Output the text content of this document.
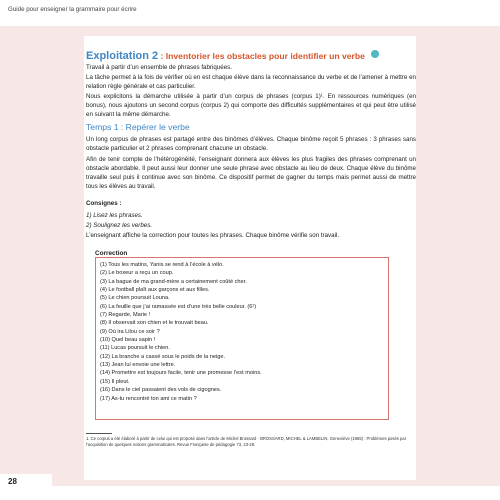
Guide pour enseigner la grammaire pour écrire
28
Exploitation 2 : Inventorier les obstacles pour identifier un verbe
Travail à partir d’un ensemble de phrases fabriquées.
La tâche permet à la fois de vérifier où en est chaque élève dans la reconnaissance du verbe et de l’amener à mettre en relation règle générale et cas particulier.
Nous explicitons la démarche utilisée à partir d’un corpus de phrases (corpus 1)¹. En ressources numériques (en bonus), nous ajoutons un second corpus (corpus 2) qui comporte des difficultés supplémentaires et qui peut être utilisé en suivant la même démarche.
Temps 1 : Repérer le verbe
Un long corpus de phrases est partagé entre des binômes d’élèves. Chaque binôme reçoit 5 phrases : 3 phrases sans obstacle particulier et 2 phrases comprenant chacune un obstacle.
Afin de tenir compte de l’hétérogénéité, l’enseignant donnera aux élèves les plus fragiles des phrases comprenant un obstacle abordable. Il peut aussi leur donner une seule phrase avec obstacle au lieu de deux. Chaque élève du binôme travaille seul puis il continue avec son binôme. Ce dispositif permet de gagner du temps mais permet aussi de mettre tous les élèves au travail.
Consignes :
1) Lisez les phrases.
2) Soulignez les verbes.
L’enseignant affiche la correction pour toutes les phrases. Chaque binôme vérifie son travail.
Correction
(1) Tous les matins, Yanis se rend à l’école à vélo.
(2) Le boxeur a reçu un coup.
(3) La bague de ma grand-mère a certainement coûté cher.
(4) Le football plaît aux garçons et aux filles.
(5) Le chien poursuit Louna.
(6) La feuille que j’ai ramassée est d’une très belle couleur. (6¹)
(7) Regarde, Marie !
(8) Il observait son chien et le trouvait beau.
(9) Où ira Lilou ce soir ?
(10) Quel beau sapin !
(11) Lucas poursuit le chien.
(12) La branche a cassé sous le poids de la neige.
(13) Jean lui envoie une lettre.
(14) Promettre est toujours facile, tenir une promesse l’est moins.
(15) Il pleut.
(16) Dans le ciel passaient des vols de cigognes.
(17) As-tu rencontré ton ami ce matin ?
1. Ce corpus a été élaboré à partir de celui qui est proposé dans l’article de Michel Brossard · BROSSARD, MICHEL & LAMBELIN, Geneviève (1985) : Problèmes posés par l’acquisition de quelques notions grammaticales. Revue Française de pédagogie 73, 23-28.
